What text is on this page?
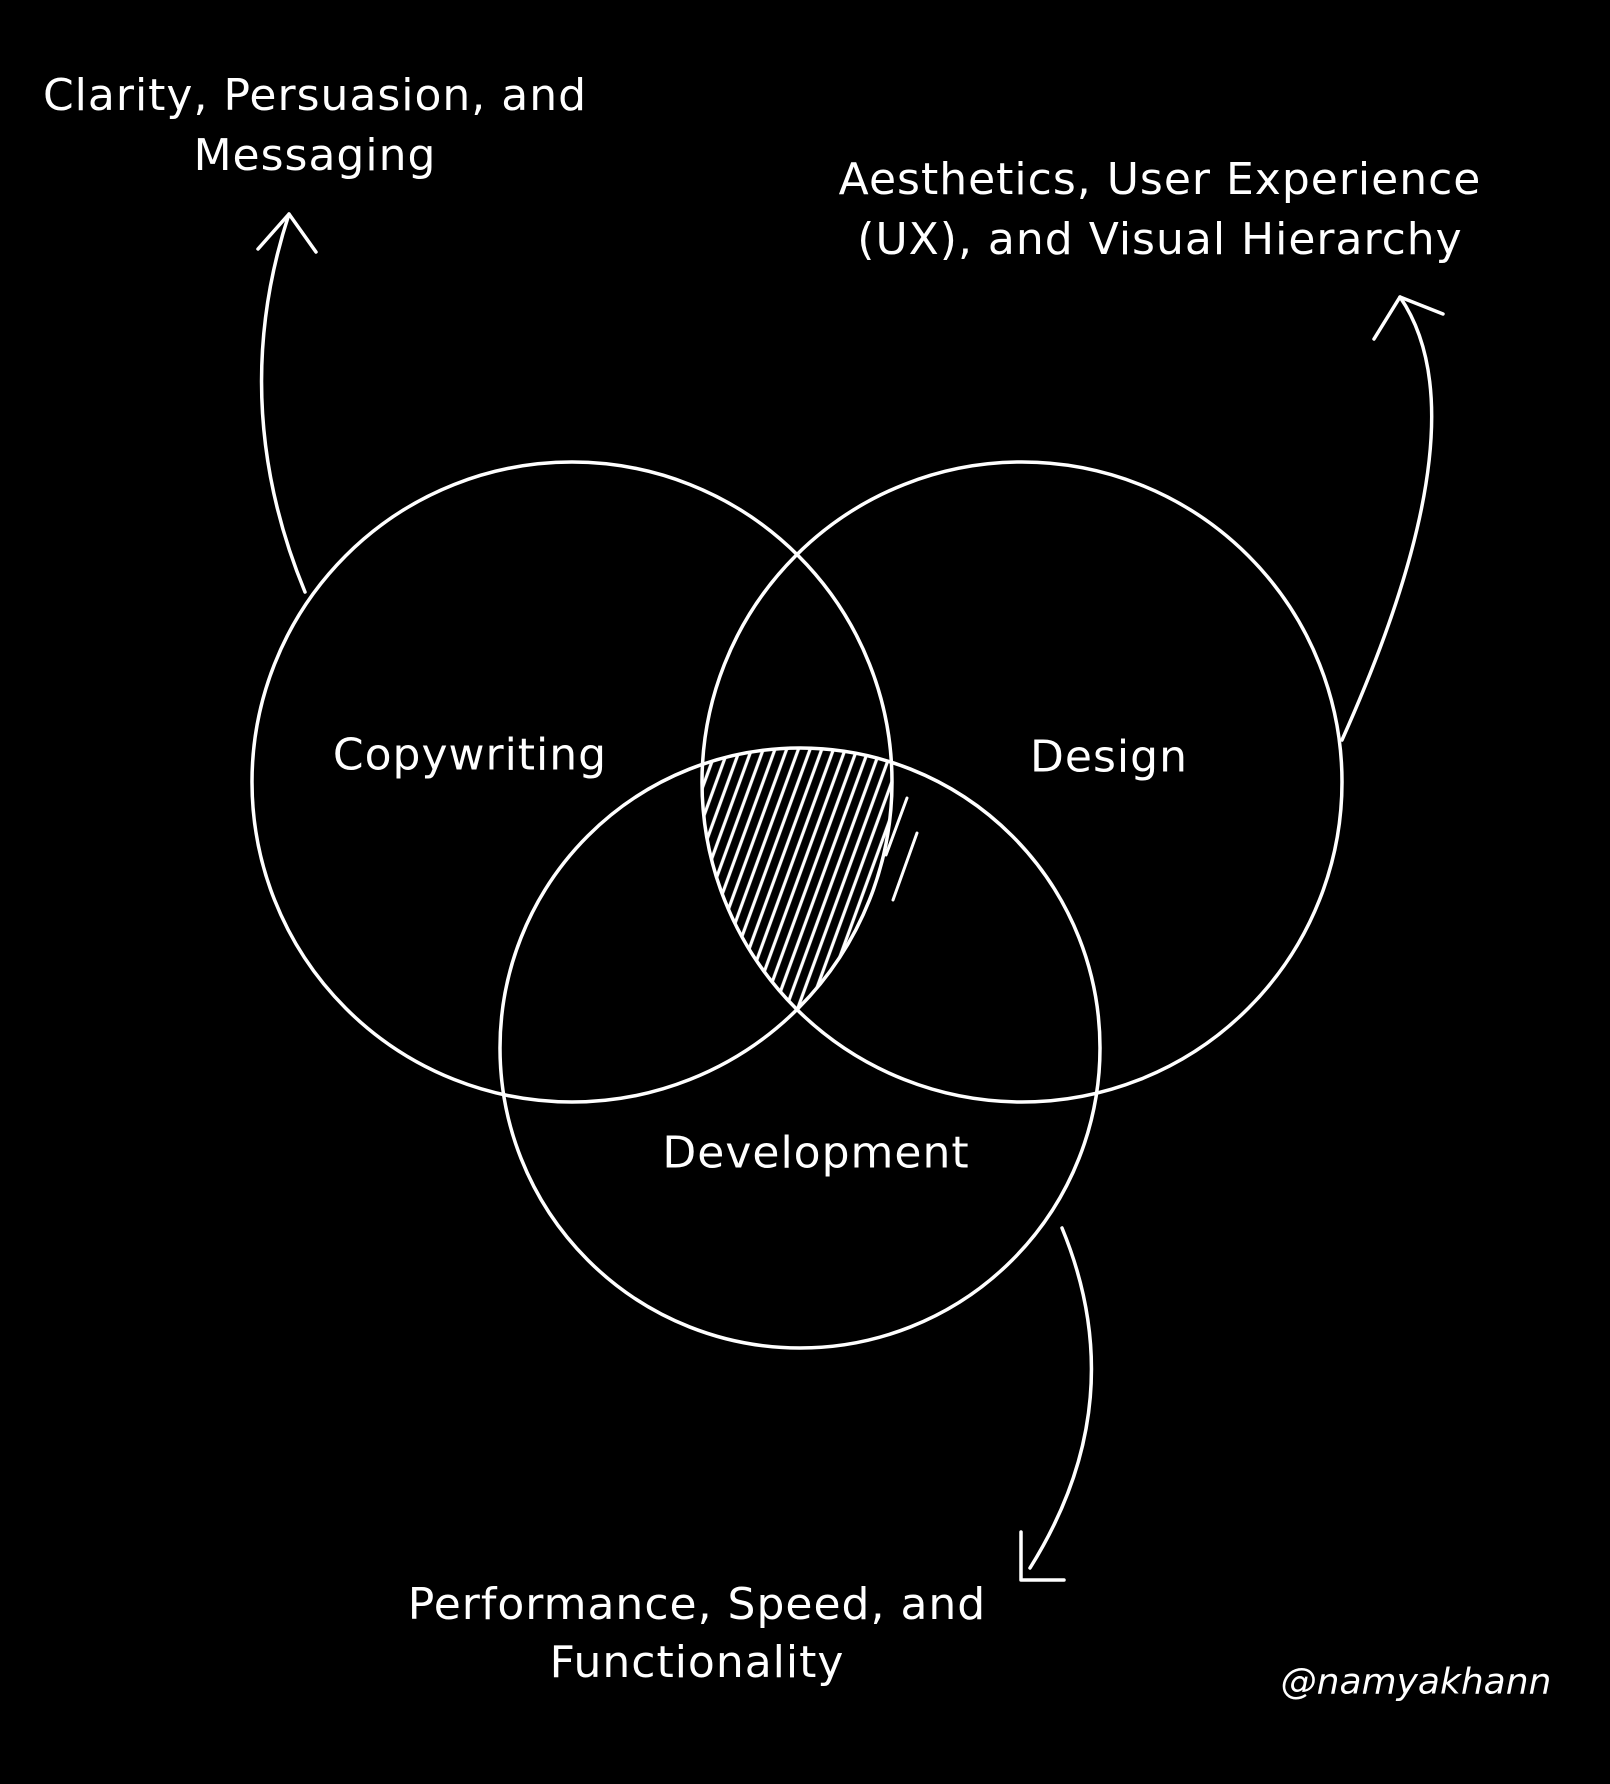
Clarity, Persuasion, and
Messaging	Aesthetics, User Experience
(UX), and Visual Hierarchy
Performance, Speed, and
Functionality
Copywriting	Design
Development
@namyakhann
